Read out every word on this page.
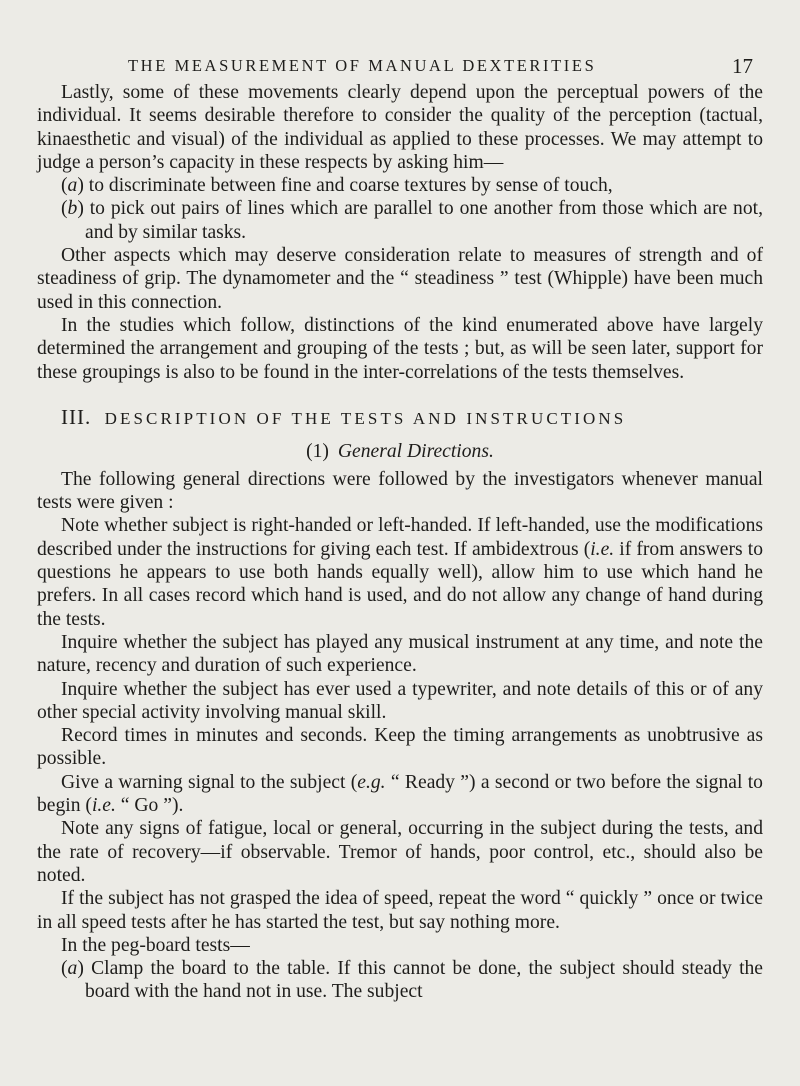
THE MEASUREMENT OF MANUAL DEXTERITIES	17

Lastly, some of these movements clearly depend upon the perceptual powers of the individual. It seems desirable therefore to consider the quality of the perception (tactual, kinaesthetic and visual) of the individual as applied to these processes. We may attempt to judge a person’s capacity in these respects by asking him—

(a) to discriminate between fine and coarse textures by sense of touch,
(b) to pick out pairs of lines which are parallel to one another from those which are not, and by similar tasks.

Other aspects which may deserve consideration relate to measures of strength and of steadiness of grip. The dynamometer and the “ steadiness ” test (Whipple) have been much used in this connection.

In the studies which follow, distinctions of the kind enumerated above have largely determined the arrangement and grouping of the tests ; but, as will be seen later, support for these groupings is also to be found in the inter-correlations of the tests themselves.

III. DESCRIPTION OF THE TESTS AND INSTRUCTIONS
(1) General Directions.

The following general directions were followed by the investigators whenever manual tests were given :

Note whether subject is right-handed or left-handed. If left-handed, use the modifications described under the instructions for giving each test. If ambidextrous (i.e. if from answers to questions he appears to use both hands equally well), allow him to use which hand he prefers. In all cases record which hand is used, and do not allow any change of hand during the tests.

Inquire whether the subject has played any musical instrument at any time, and note the nature, recency and duration of such experience.

Inquire whether the subject has ever used a typewriter, and note details of this or of any other special activity involving manual skill.

Record times in minutes and seconds. Keep the timing arrangements as unobtrusive as possible.

Give a warning signal to the subject (e.g. “ Ready ”) a second or two before the signal to begin (i.e. “ Go ”).

Note any signs of fatigue, local or general, occurring in the subject during the tests, and the rate of recovery—if observable. Tremor of hands, poor control, etc., should also be noted.

If the subject has not grasped the idea of speed, repeat the word “ quickly ” once or twice in all speed tests after he has started the test, but say nothing more.

In the peg-board tests—

(a) Clamp the board to the table. If this cannot be done, the subject should steady the board with the hand not in use. The subject
